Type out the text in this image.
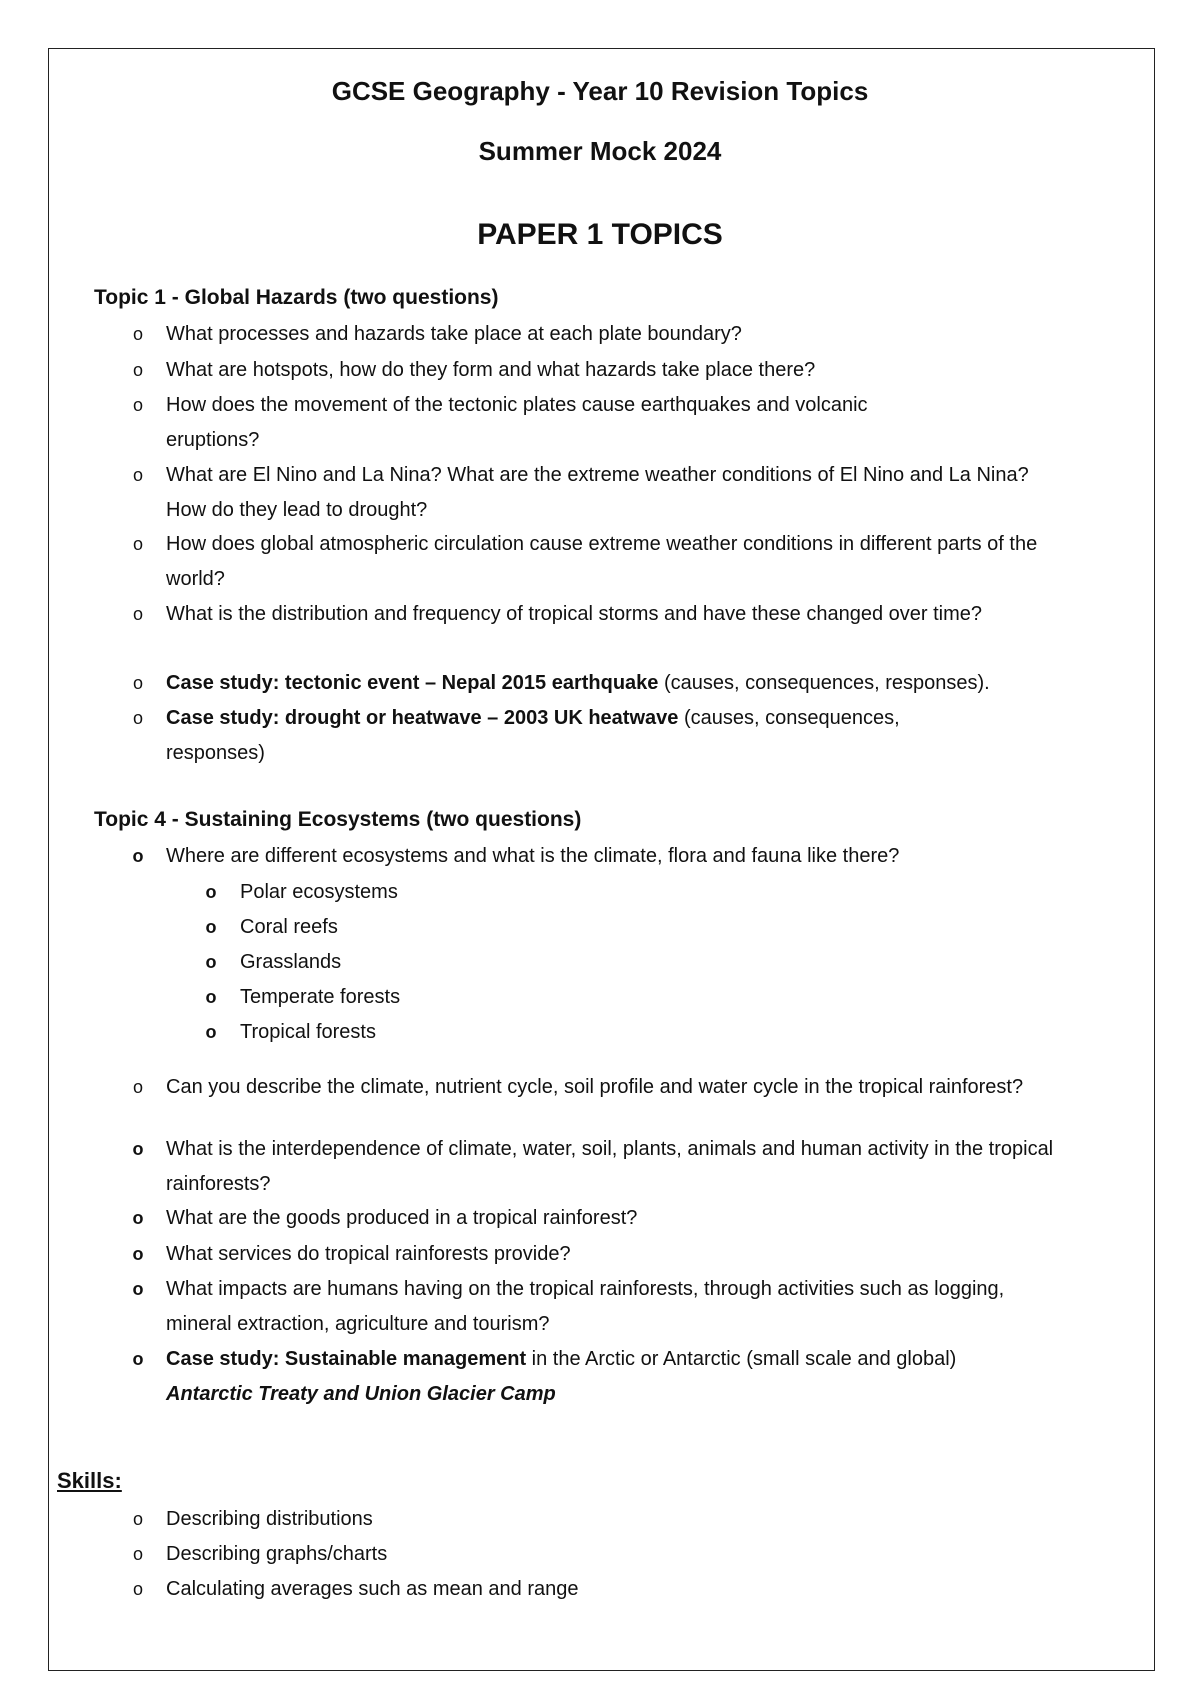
GCSE Geography - Year 10 Revision Topics
Summer Mock 2024
PAPER 1 TOPICS
Topic 1 - Global Hazards (two questions)
o What processes and hazards take place at each plate boundary?
o What are hotspots, how do they form and what hazards take place there?
o How does the movement of the tectonic plates cause earthquakes and volcanic eruptions?
o What are El Nino and La Nina? What are the extreme weather conditions of El Nino and La Nina? How do they lead to drought?
o How does global atmospheric circulation cause extreme weather conditions in different parts of the world?
o What is the distribution and frequency of tropical storms and have these changed over time?
o Case study: tectonic event – Nepal 2015 earthquake (causes, consequences, responses).
o Case study: drought or heatwave – 2003 UK heatwave (causes, consequences, responses)
Topic 4 - Sustaining Ecosystems (two questions)
o Where are different ecosystems and what is the climate, flora and fauna like there?
o Polar ecosystems
o Coral reefs
o Grasslands
o Temperate forests
o Tropical forests
o Can you describe the climate, nutrient cycle, soil profile and water cycle in the tropical rainforest?
o What is the interdependence of climate, water, soil, plants, animals and human activity in the tropical rainforests?
o What are the goods produced in a tropical rainforest?
o What services do tropical rainforests provide?
o What impacts are humans having on the tropical rainforests, through activities such as logging, mineral extraction, agriculture and tourism?
o Case study: Sustainable management in the Arctic or Antarctic (small scale and global) Antarctic Treaty and Union Glacier Camp
Skills:
o Describing distributions
o Describing graphs/charts
o Calculating averages such as mean and range
